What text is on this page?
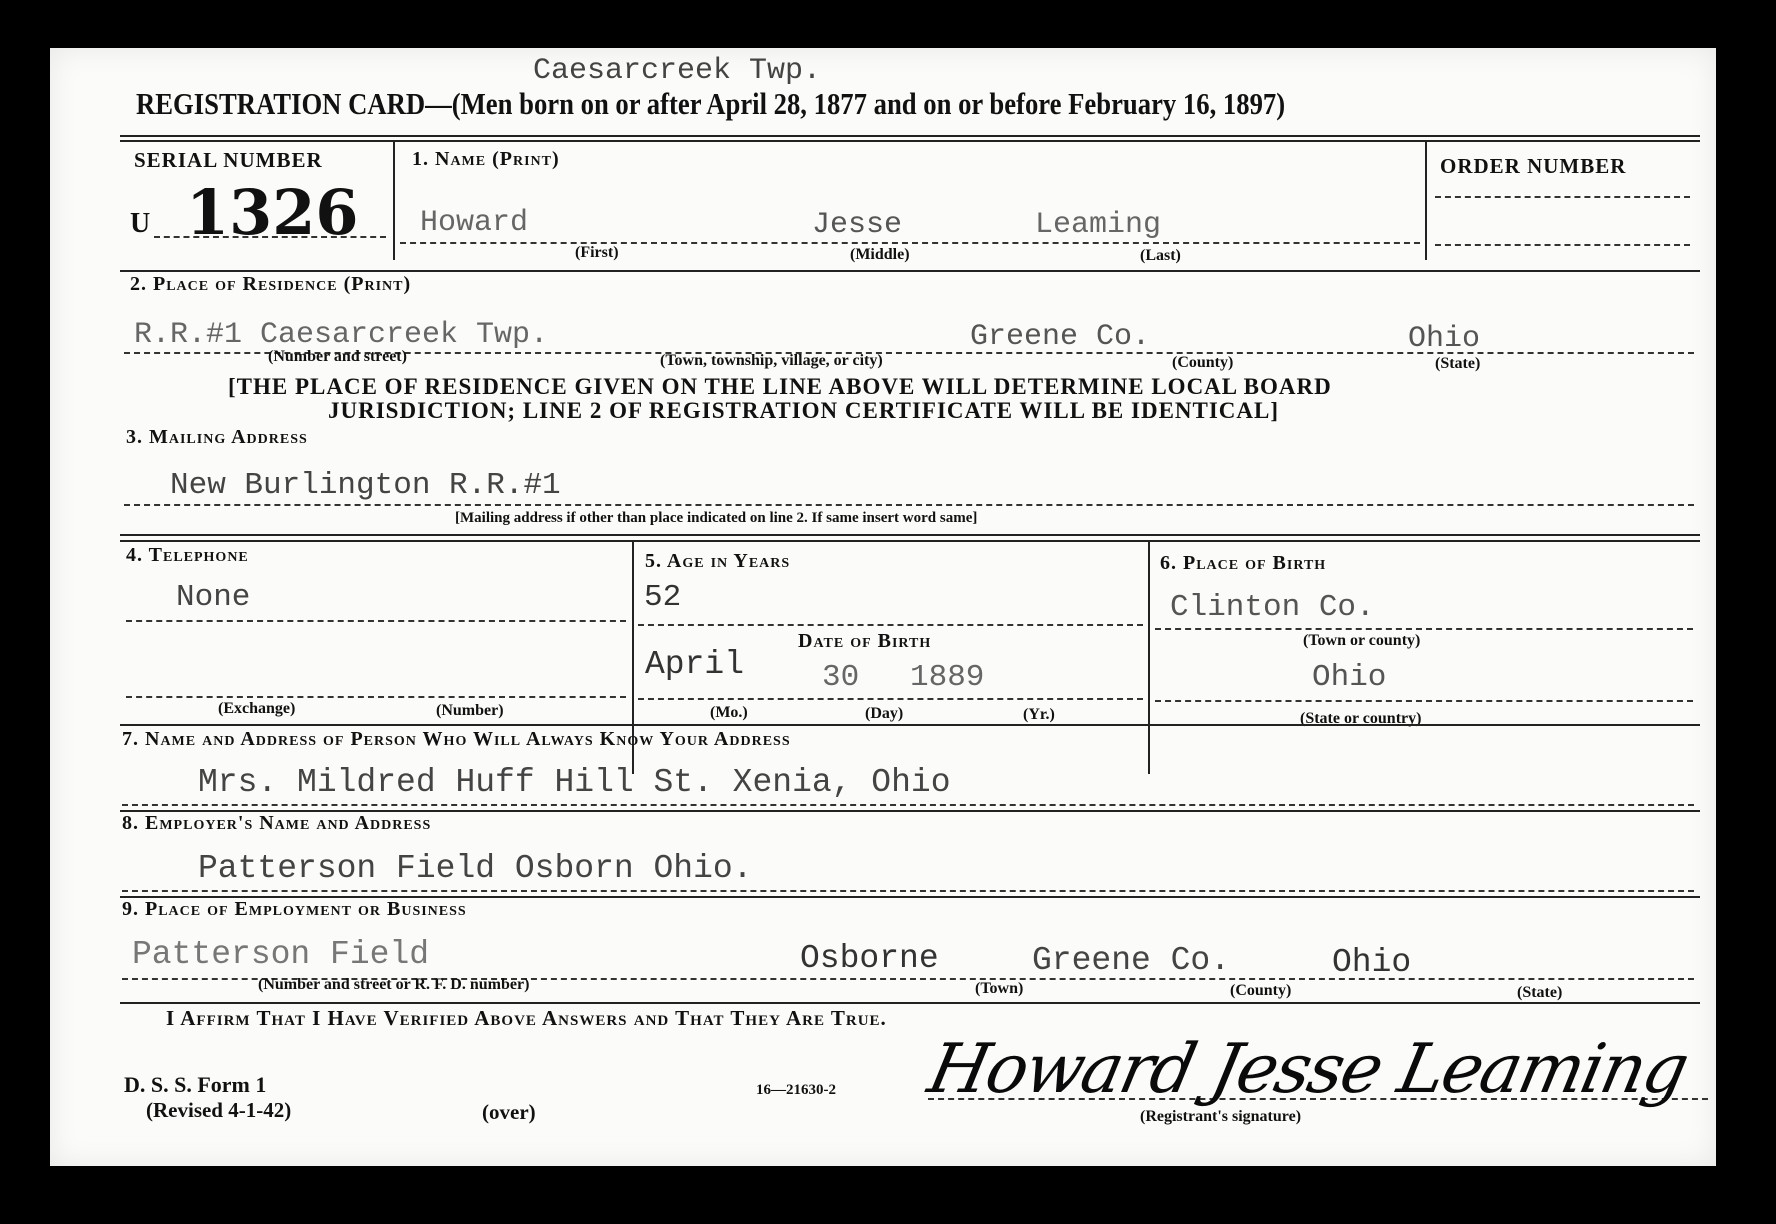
Caesarcreek Twp.
REGISTRATION CARD—(Men born on or after April 28, 1877 and on or before February 16, 1897)
SERIAL NUMBER
U 1326
1. Name (Print)
Howard	Jesse	Leaming
(First)	(Middle)	(Last)
ORDER NUMBER
2. Place of Residence (Print)
R.R.#1 Caesarcreek Twp.	Greene Co.	Ohio
(Number and street)	(Town, township, village, or city)	(County)	(State)
[THE PLACE OF RESIDENCE GIVEN ON THE LINE ABOVE WILL DETERMINE LOCAL BOARD
JURISDICTION; LINE 2 OF REGISTRATION CERTIFICATE WILL BE IDENTICAL]
3. Mailing Address
New Burlington R.R.#1
[Mailing address if other than place indicated on line 2. If same insert word same]
4. Telephone
None
(Exchange)	(Number)
5. Age in Years
52
April
Date of Birth
30 1889
(Mo.)	(Day)	(Yr.)
6. Place of Birth
Clinton Co.
(Town or county)
Ohio
(State or country)
7. Name and Address of Person Who Will Always Know Your Address
Mrs. Mildred Huff Hill St. Xenia, Ohio
8. Employer's Name and Address
Patterson Field Osborn Ohio.
9. Place of Employment or Business
Patterson Field	Osborne	Greene Co.	Ohio
(Number and street or R. F. D. number)	(Town)	(County)	(State)
I Affirm That I Have Verified Above Answers and That They Are True.
D. S. S. Form 1
(Revised 4-1-42)	(over)
16—21630-2 Howard Jesse Leaming
(Registrant's signature)
